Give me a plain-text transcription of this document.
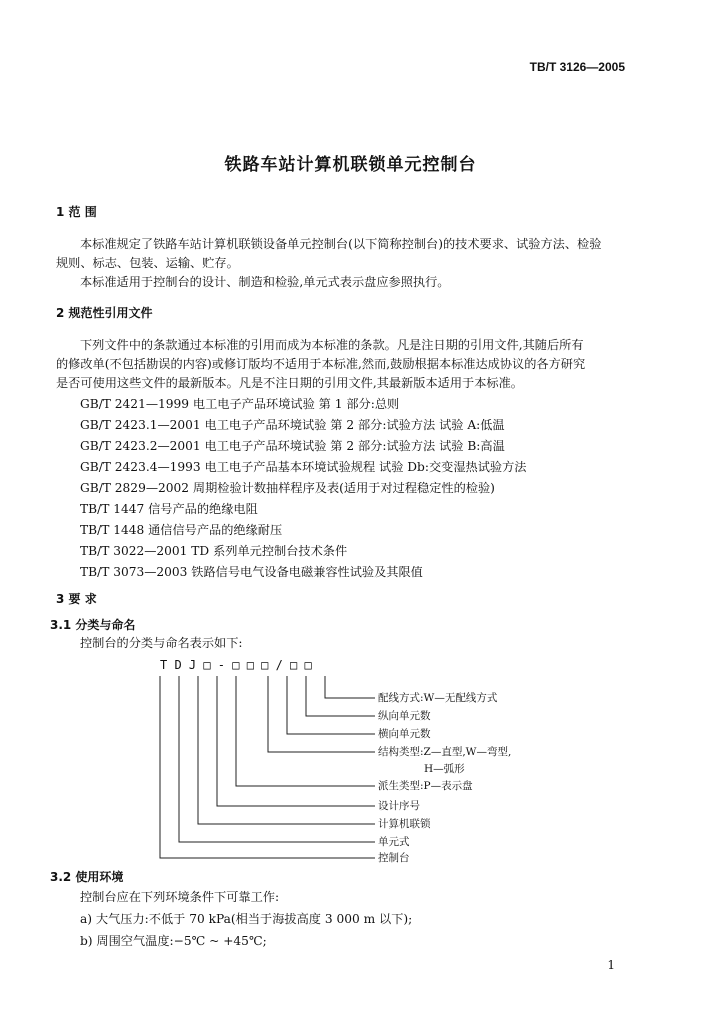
TB/T 3126—2005
铁路车站计算机联锁单元控制台
1 范 围
本标准规定了铁路车站计算机联锁设备单元控制台(以下简称控制台)的技术要求、试验方法、检验
规则、标志、包装、运输、贮存。
本标准适用于控制台的设计、制造和检验,单元式表示盘应参照执行。
2 规范性引用文件
下列文件中的条款通过本标准的引用而成为本标准的条款。凡是注日期的引用文件,其随后所有
的修改单(不包括勘误的内容)或修订版均不适用于本标准,然而,鼓励根据本标准达成协议的各方研究
是否可使用这些文件的最新版本。凡是不注日期的引用文件,其最新版本适用于本标准。
GB/T 2421—1999 电工电子产品环境试验 第 1 部分:总则
GB/T 2423.1—2001 电工电子产品环境试验 第 2 部分:试验方法 试验 A:低温
GB/T 2423.2—2001 电工电子产品环境试验 第 2 部分:试验方法 试验 B:高温
GB/T 2423.4—1993 电工电子产品基本环境试验规程 试验 Db:交变湿热试验方法
GB/T 2829—2002 周期检验计数抽样程序及表(适用于对过程稳定性的检验)
TB/T 1447 信号产品的绝缘电阻
TB/T 1448 通信信号产品的绝缘耐压
TB/T 3022—2001 TD 系列单元控制台技术条件
TB/T 3073—2003 铁路信号电气设备电磁兼容性试验及其限值
3 要 求
3.1 分类与命名
控制台的分类与命名表示如下:
T D J □ - □ □ □ / □ □
配线方式:W—无配线方式
纵向单元数
横向单元数
结构类型:Z—直型,W—弯型,
H—弧形
派生类型:P—表示盘
设计序号
计算机联锁
单元式
控制台
3.2 使用环境
控制台应在下列环境条件下可靠工作:
a) 大气压力:不低于 70 kPa(相当于海拔高度 3 000 m 以下);
b) 周围空气温度:−5℃ ~ +45℃;
1
